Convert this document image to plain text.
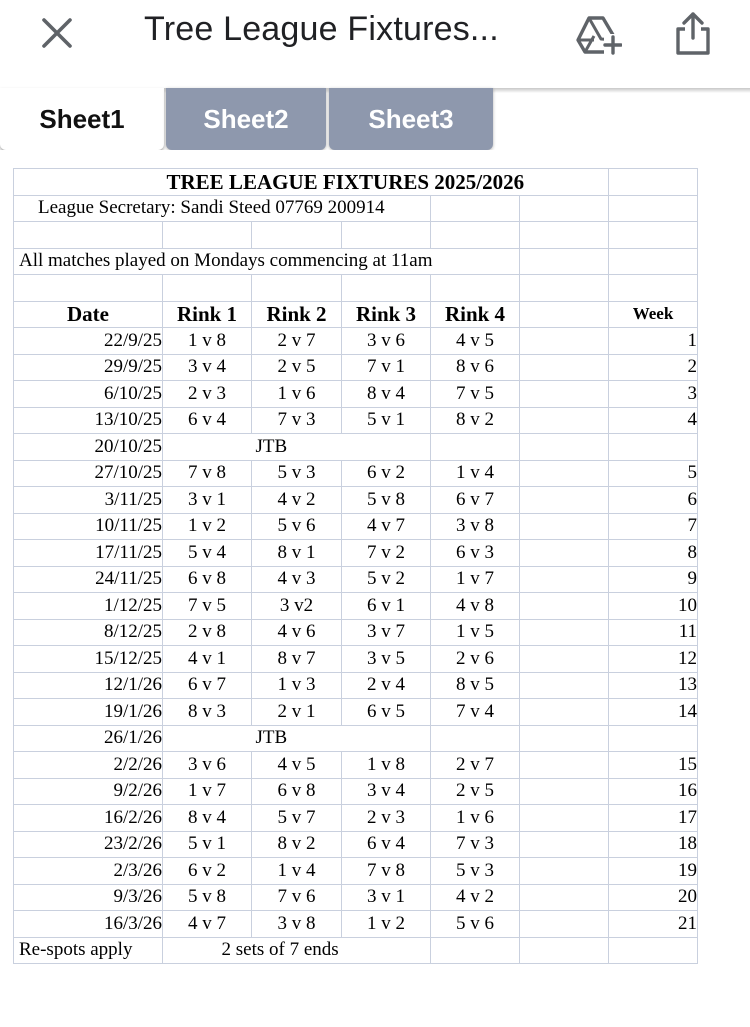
Tree League Fixtures...
Sheet1	Sheet2	Sheet3
	TREE LEAGUE FIXTURES 2025/2026					
League Secretary: Sandi Steed 07769 200914						

All matches played on Mondays commencing at 11am						

Date	Rink 1	Rink 2	Rink 3	Rink 4		Week
22/9/25	1 v 8	2 v 7	3 v 6	4 v 5		1
29/9/25	3 v 4	2 v 5	7 v 1	8 v 6		2
6/10/25	2 v 3	1 v 6	8 v 4	7 v 5		3
13/10/25	6 v 4	7 v 3	5 v 1	8 v 2		4
20/10/25		JTB				
27/10/25	7 v 8	5 v 3	6 v 2	1 v 4		5
3/11/25	3 v 1	4 v 2	5 v 8	6 v 7		6
10/11/25	1 v 2	5 v 6	4 v 7	3 v 8		7
17/11/25	5 v 4	8 v 1	7 v 2	6 v 3		8
24/11/25	6 v 8	4 v 3	5 v 2	1 v 7		9
1/12/25	7 v 5	3 v2	6 v 1	4 v 8		10
8/12/25	2 v 8	4 v 6	3 v 7	1 v 5		11
15/12/25	4 v 1	8 v 7	3 v 5	2 v 6		12
12/1/26	6 v 7	1 v 3	2 v 4	8 v 5		13
19/1/26	8 v 3	2 v 1	6 v 5	7 v 4		14
26/1/26		JTB				
2/2/26	3 v 6	4 v 5	1 v 8	2 v 7		15
9/2/26	1 v 7	6 v 8	3 v 4	2 v 5		16
16/2/26	8 v 4	5 v 7	2 v 3	1 v 6		17
23/2/26	5 v 1	8 v 2	6 v 4	7 v 3		18
2/3/26	6 v 2	1 v 4	7 v 8	5 v 3		19
9/3/26	5 v 8	7 v 6	3 v 1	4 v 2		20
16/3/26	4 v 7	3 v 8	1 v 2	5 v 6		21
Re-spots apply		2 sets of 7 ends				
